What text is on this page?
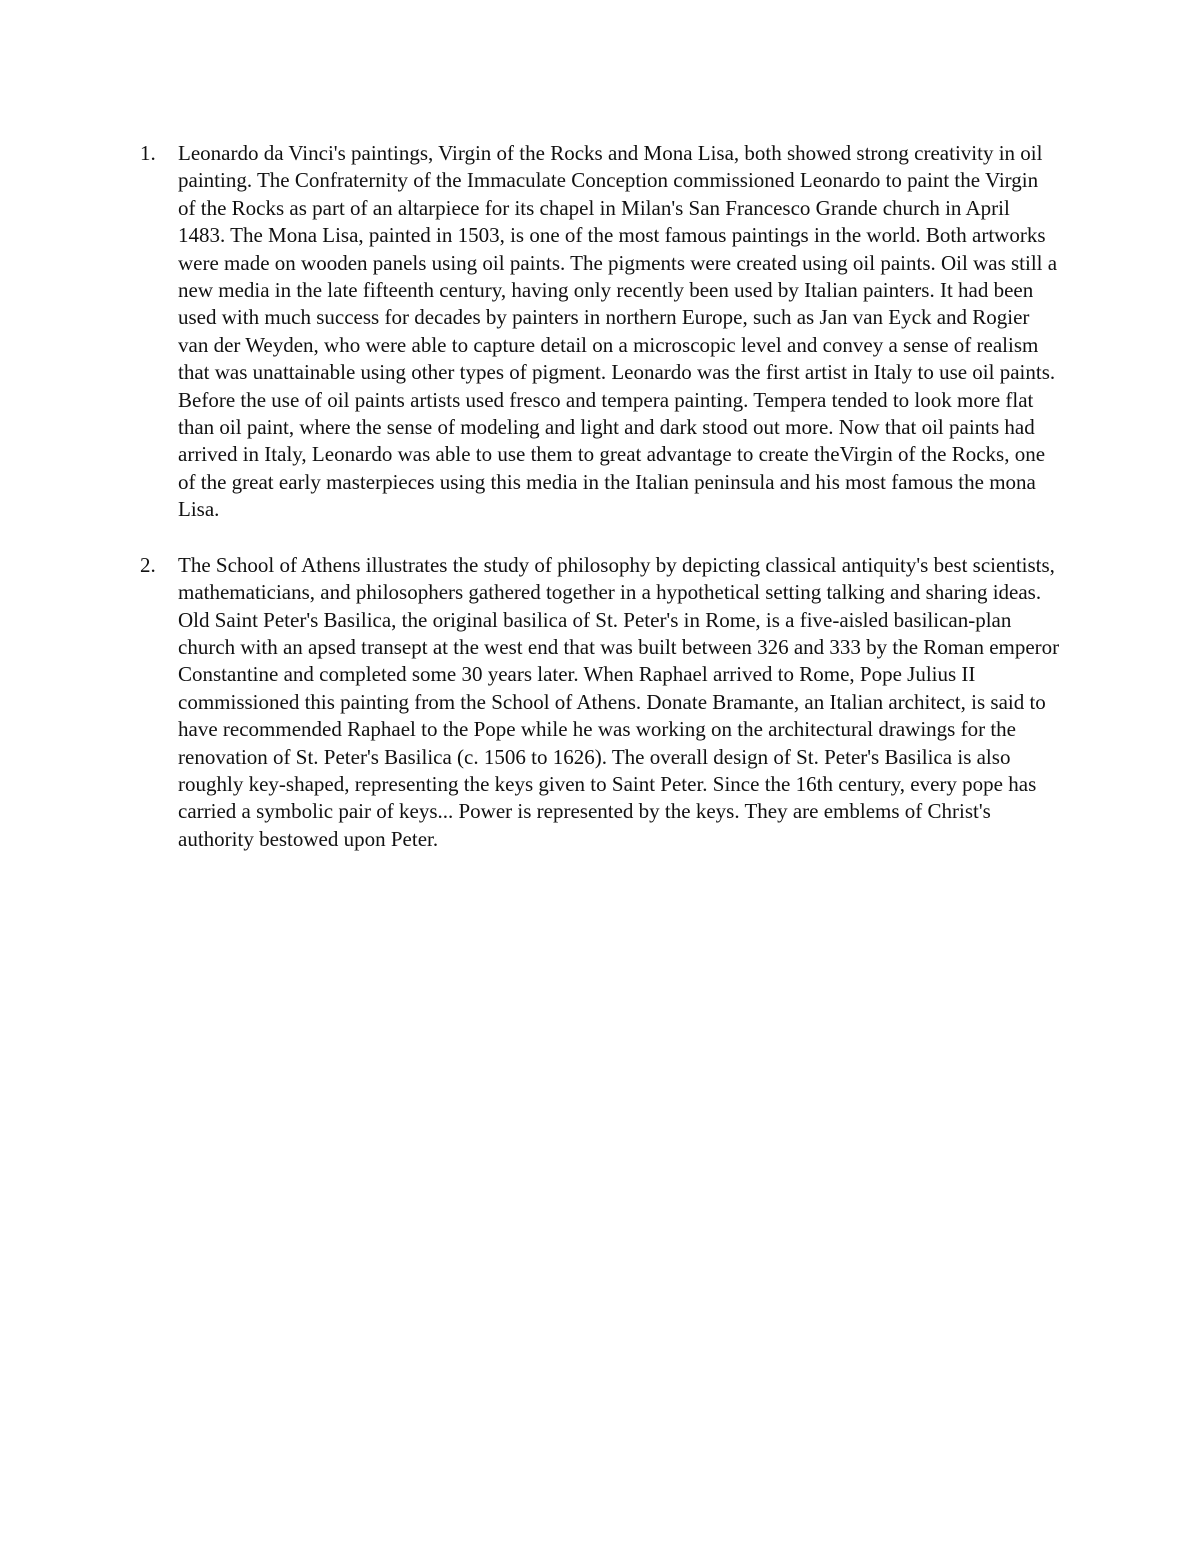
1.	Leonardo da Vinci's paintings, Virgin of the Rocks and Mona Lisa, both showed strong creativity in oil painting. The Confraternity of the Immaculate Conception commissioned Leonardo to paint the Virgin of the Rocks as part of an altarpiece for its chapel in Milan's San Francesco Grande church in April 1483. The Mona Lisa, painted in 1503, is one of the most famous paintings in the world. Both artworks were made on wooden panels using oil paints. The pigments were created using oil paints. Oil was still a new media in the late fifteenth century, having only recently been used by Italian painters. It had been used with much success for decades by painters in northern Europe, such as Jan van Eyck and Rogier van der Weyden, who were able to capture detail on a microscopic level and convey a sense of realism that was unattainable using other types of pigment. Leonardo was the first artist in Italy to use oil paints. Before the use of oil paints artists used fresco and tempera painting. Tempera tended to look more flat than oil paint, where the sense of modeling and light and dark stood out more. Now that oil paints had arrived in Italy, Leonardo was able to use them to great advantage to create theVirgin of the Rocks, one of the great early masterpieces using this media in the Italian peninsula and his most famous the mona Lisa.
2.	The School of Athens illustrates the study of philosophy by depicting classical antiquity's best scientists, mathematicians, and philosophers gathered together in a hypothetical setting talking and sharing ideas. Old Saint Peter's Basilica, the original basilica of St. Peter's in Rome, is a five-aisled basilican-plan church with an apsed transept at the west end that was built between 326 and 333 by the Roman emperor Constantine and completed some 30 years later. When Raphael arrived to Rome, Pope Julius II commissioned this painting from the School of Athens. Donate Bramante, an Italian architect, is said to have recommended Raphael to the Pope while he was working on the architectural drawings for the renovation of St. Peter's Basilica (c. 1506 to 1626). The overall design of St. Peter's Basilica is also roughly key-shaped, representing the keys given to Saint Peter. Since the 16th century, every pope has carried a symbolic pair of keys... Power is represented by the keys. They are emblems of Christ's authority bestowed upon Peter.
